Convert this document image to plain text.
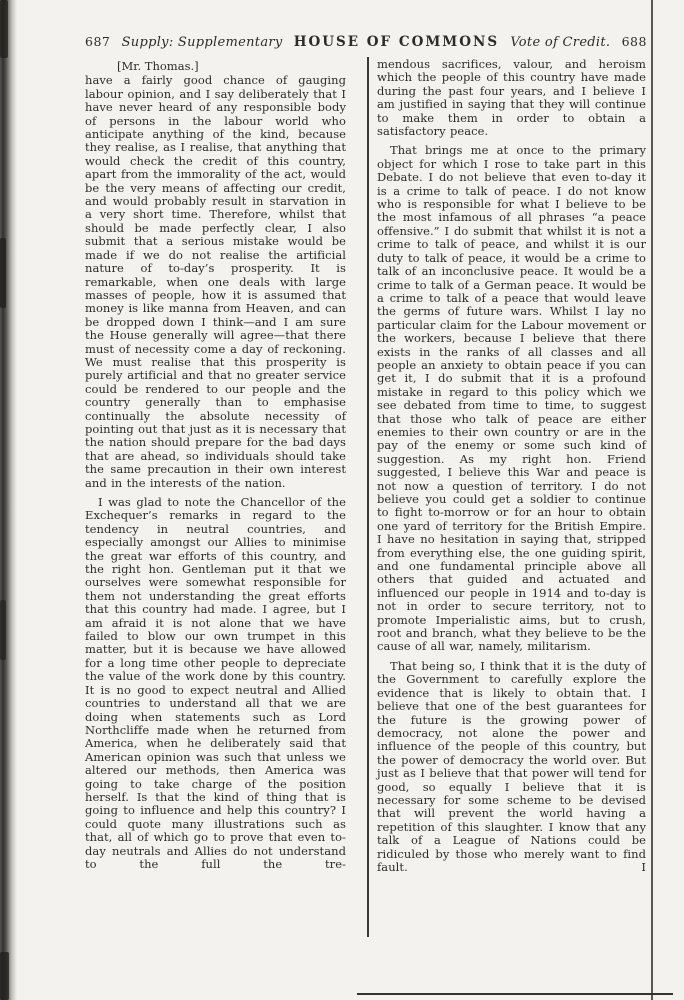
687 Supply: Supplementary HOUSE OF COMMONS Vote of Credit. 688
[Mr. Thomas.]

have a fairly good chance of gauging labour opinion, and I say deliberately that I have never heard of any responsible body of persons in the labour world who anticipate anything of the kind, because they realise, as I realise, that anything that would check the credit of this country, apart from the immorality of the act, would be the very means of affecting our credit, and would probably result in starvation in a very short time. Therefore, whilst that should be made perfectly clear, I also submit that a serious mistake would be made if we do not realise the artificial nature of to-day’s prosperity. It is remarkable, when one deals with large masses of people, how it is assumed that money is like manna from Heaven, and can be dropped down I think—and I am sure the House generally will agree—that there must of necessity come a day of reckoning. We must realise that this prosperity is purely artificial and that no greater service could be rendered to our people and the country generally than to emphasise continually the absolute necessity of pointing out that just as it is necessary that the nation should prepare for the bad days that are ahead, so individuals should take the same precaution in their own interest and in the interests of the nation.

I was glad to note the Chancellor of the Exchequer’s remarks in regard to the tendency in neutral countries, and especially amongst our Allies to minimise the great war efforts of this country, and the right hon. Gentleman put it that we ourselves were somewhat responsible for them not understanding the great efforts that this country had made. I agree, but I am afraid it is not alone that we have failed to blow our own trumpet in this matter, but it is because we have allowed for a long time other people to depreciate the value of the work done by this country. It is no good to expect neutral and Allied countries to understand all that we are doing when statements such as Lord Northcliffe made when he returned from America, when he deliberately said that American opinion was such that unless we altered our methods, then America was going to take charge of the position herself. Is that the kind of thing that is going to influence and help this country? I could quote many illustrations such as that, all of which go to prove that even to-day neutrals and Allies do not understand to the full the tre-

mendous sacrifices, valour, and heroism which the people of this country have made during the past four years, and I believe I am justified in saying that they will continue to make them in order to obtain a satisfactory peace.

That brings me at once to the primary object for which I rose to take part in this Debate. I do not believe that even to-day it is a crime to talk of peace. I do not know who is responsible for what I believe to be the most infamous of all phrases “a peace offensive.” I do submit that whilst it is not a crime to talk of peace, and whilst it is our duty to talk of peace, it would be a crime to talk of an inconclusive peace. It would be a crime to talk of a German peace. It would be a crime to talk of a peace that would leave the germs of future wars. Whilst I lay no particular claim for the Labour movement or the workers, because I believe that there exists in the ranks of all classes and all people an anxiety to obtain peace if you can get it, I do submit that it is a profound mistake in regard to this policy which we see debated from time to time, to suggest that those who talk of peace are either enemies to their own country or are in the pay of the enemy or some such kind of suggestion. As my right hon. Friend suggested, I believe this War and peace is not now a question of territory. I do not believe you could get a soldier to continue to fight to-morrow or for an hour to obtain one yard of territory for the British Empire. I have no hesitation in saying that, stripped from everything else, the one guiding spirit, and one fundamental principle above all others that guided and actuated and influenced our people in 1914 and to-day is not in order to secure territory, not to promote Imperialistic aims, but to crush, root and branch, what they believe to be the cause of all war, namely, militarism.

That being so, I think that it is the duty of the Government to carefully explore the evidence that is likely to obtain that. I believe that one of the best guarantees for the future is the growing power of democracy, not alone the power and influence of the people of this country, but the power of democracy the world over. But just as I believe that that power will tend for good, so equally I believe that it is necessary for some scheme to be devised that will prevent the world having a repetition of this slaughter. I know that any talk of a League of Nations could be ridiculed by those who merely want to find fault. I
